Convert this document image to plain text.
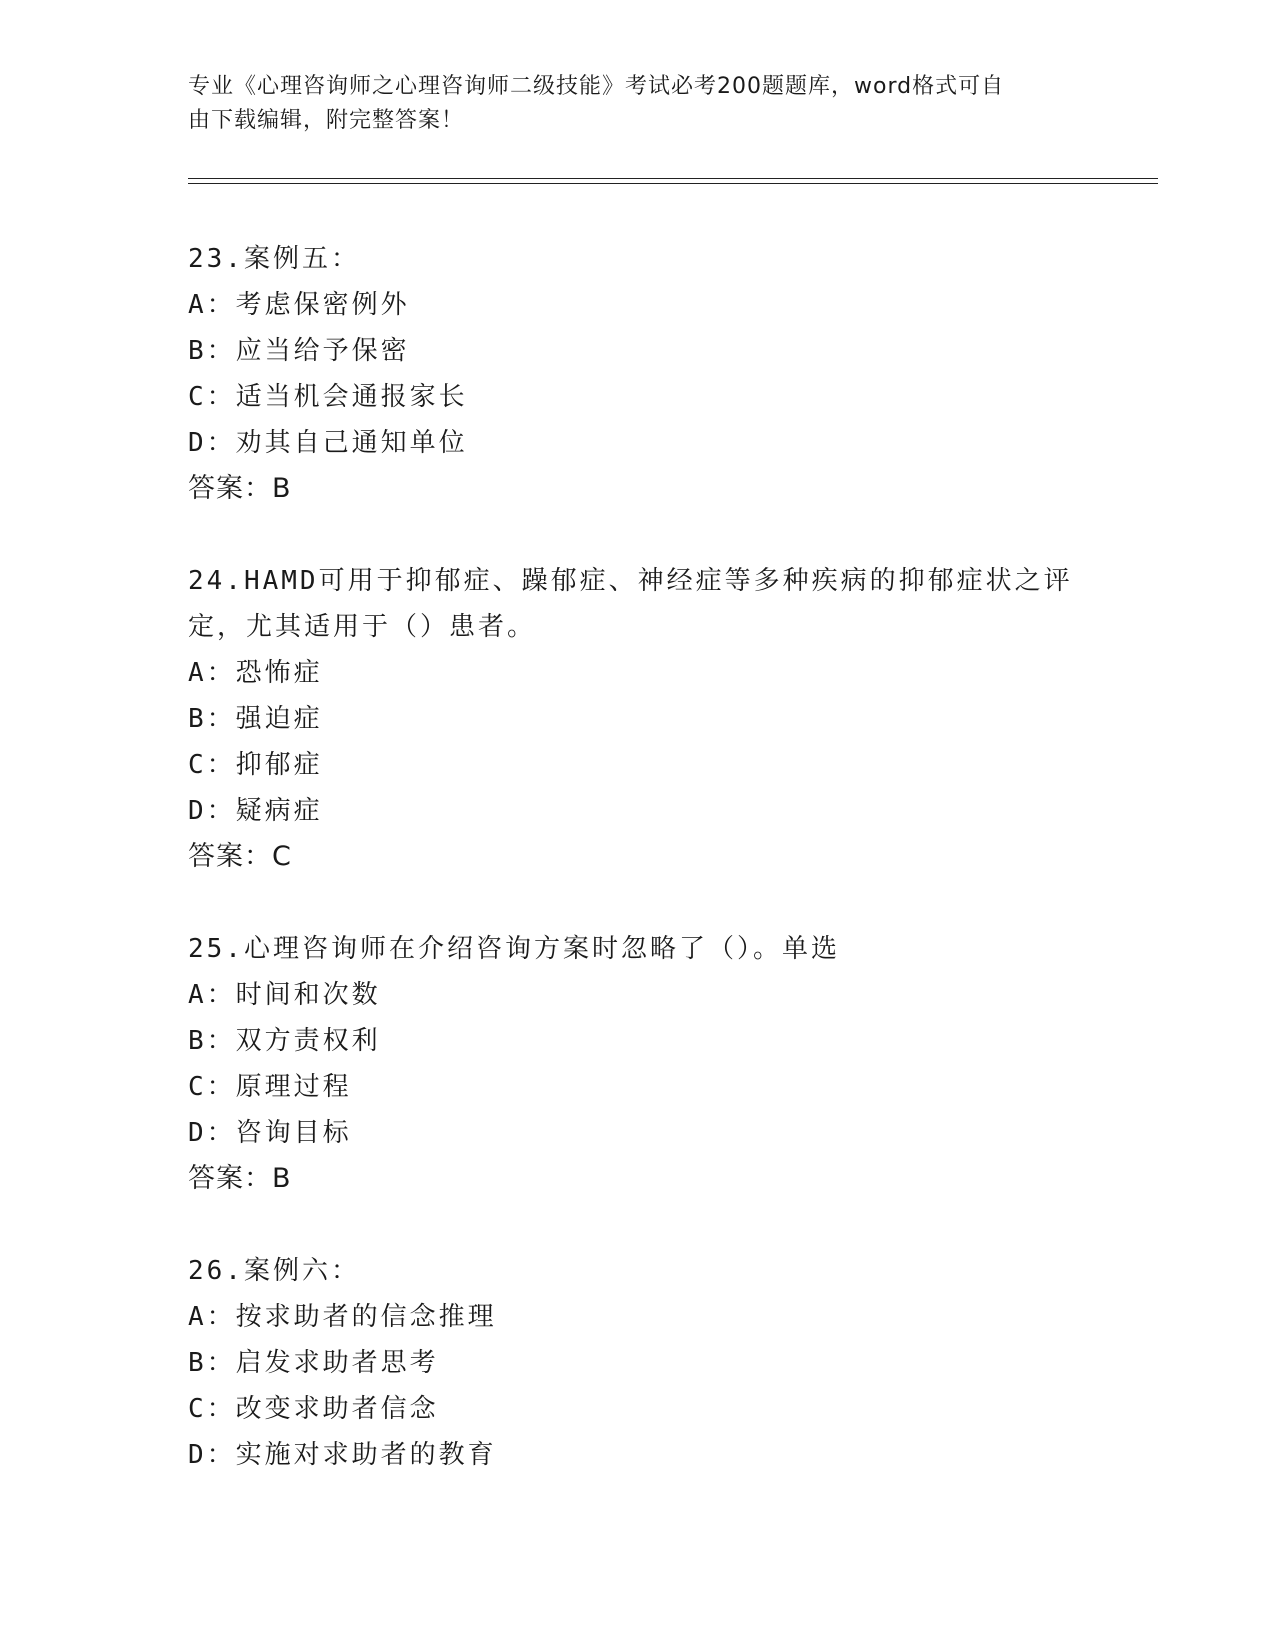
专业《心理咨询师之心理咨询师二级技能》考试必考200题题库，word格式可自
由下载编辑，附完整答案！
23.案例五：
A：考虑保密例外
B：应当给予保密
C：适当机会通报家长
D：劝其自己通知单位
答案：B
24.HAMD可用于抑郁症、躁郁症、神经症等多种疾病的抑郁症状之评定，尤其适用于（）患者。
A：恐怖症
B：强迫症
C：抑郁症
D：疑病症
答案：C
25.心理咨询师在介绍咨询方案时忽略了（）。单选
A：时间和次数
B：双方责权利
C：原理过程
D：咨询目标
答案：B
26.案例六：
A：按求助者的信念推理
B：启发求助者思考
C：改变求助者信念
D：实施对求助者的教育
